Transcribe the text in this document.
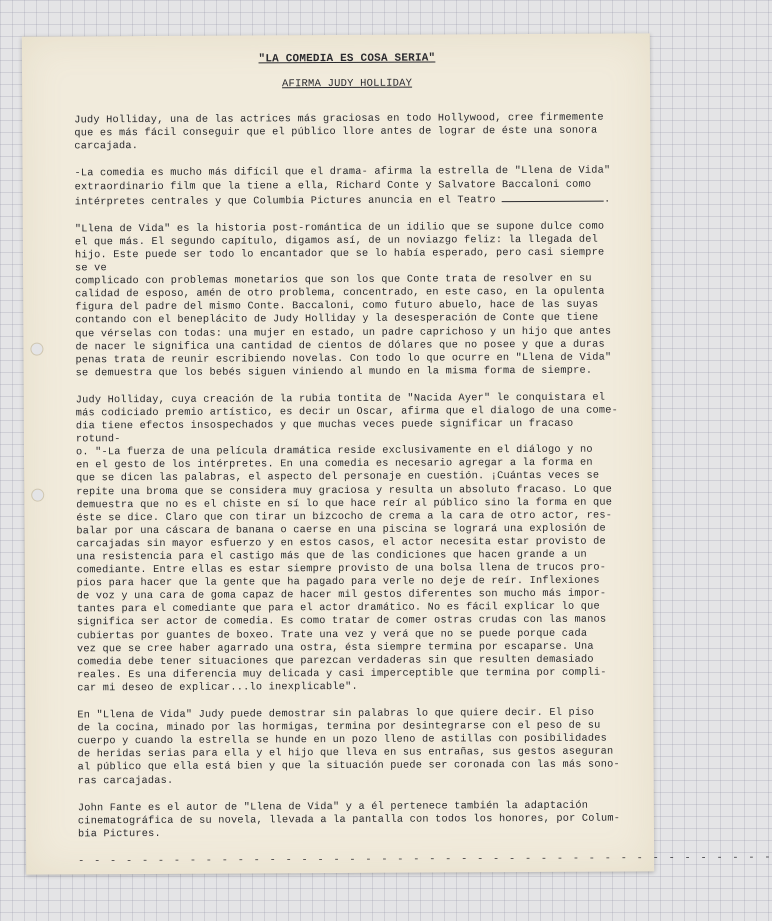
"LA COMEDIA ES COSA SERIA"
AFIRMA JUDY HOLLIDAY

Judy Holliday, una de las actrices más graciosas en todo Hollywood, cree firmemente
que es más fácil conseguir que el público llore antes de lograr de éste una sonora
carcajada.

-La comedia es mucho más difícil que el drama- afirma la estrella de "Llena de Vida"
extraordinario film que la tiene a ella, Richard Conte y Salvatore Baccaloni como
intérpretes centrales y que Columbia Pictures anuncia en el Teatro	.

"Llena de Vida" es la historia post-romántica de un idilio que se supone dulce como
el que más. El segundo capítulo, digamos así, de un noviazgo feliz: la llegada del
hijo. Este puede ser todo lo encantador que se lo había esperado, pero casi siempre se ve
complicado con problemas monetarios que son los que Conte trata de resolver en su
calidad de esposo, amén de otro problema, concentrado, en este caso, en la opulenta
figura del padre del mismo Conte. Baccaloni, como futuro abuelo, hace de las suyas
contando con el beneplácito de Judy Holliday y la desesperación de Conte que tiene
que vérselas con todas: una mujer en estado, un padre caprichoso y un hijo que antes
de nacer le significa una cantidad de cientos de dólares que no posee y que a duras
penas trata de reunir escribiendo novelas. Con todo lo que ocurre en "Llena de Vida"
se demuestra que los bebés siguen viniendo al mundo en la misma forma de siempre.

Judy Holliday, cuya creación de la rubia tontita de "Nacida Ayer" le conquistara el
más codiciado premio artístico, es decir un Oscar, afirma que el dialogo de una come-
dia tiene efectos insospechados y que muchas veces puede significar un fracaso rotund-
o. "-La fuerza de una película dramática reside exclusivamente en el diálogo y no
en el gesto de los intérpretes. En una comedia es necesario agregar a la forma en
que se dicen las palabras, el aspecto del personaje en cuestión. ¡Cuántas veces se
repite una broma que se considera muy graciosa y resulta un absoluto fracaso. Lo que
demuestra que no es el chiste en sí lo que hace reír al público sino la forma en que
éste se dice. Claro que con tirar un bizcocho de crema a la cara de otro actor, res-
balar por una cáscara de banana o caerse en una piscina se logrará una explosión de
carcajadas sin mayor esfuerzo y en estos casos, el actor necesita estar provisto de
una resistencia para el castigo más que de las condiciones que hacen grande a un
comediante. Entre ellas es estar siempre provisto de una bolsa llena de trucos pro-
pios para hacer que la gente que ha pagado para verle no deje de reír. Inflexiones
de voz y una cara de goma capaz de hacer mil gestos diferentes son mucho más impor-
tantes para el comediante que para el actor dramático. No es fácil explicar lo que
significa ser actor de comedia. Es como tratar de comer ostras crudas con las manos
cubiertas por guantes de boxeo. Trate una vez y verá que no se puede porque cada
vez que se cree haber agarrado una ostra, ésta siempre termina por escaparse. Una
comedia debe tener situaciones que parezcan verdaderas sin que resulten demasiado
reales. Es una diferencia muy delicada y casi imperceptible que termina por compli-
car mi deseo de explicar...lo inexplicable".

En "Llena de Vida" Judy puede demostrar sin palabras lo que quiere decir. El piso
de la cocina, minado por las hormigas, termina por desintegrarse con el peso de su
cuerpo y cuando la estrella se hunde en un pozo lleno de astillas con posibilidades
de heridas serias para ella y el hijo que lleva en sus entrañas, sus gestos aseguran
al público que ella está bien y que la situación puede ser coronada con las más sono-
ras carcajadas.

John Fante es el autor de "Llena de Vida" y a él pertenece también la adaptación
cinematográfica de su novela, llevada a la pantalla con todos los honores, por Colum-
bia Pictures.

- - - - - - - - - - - - - - - - - - - - - - - - - - - - - - - - - - - - - - - - - - - -
